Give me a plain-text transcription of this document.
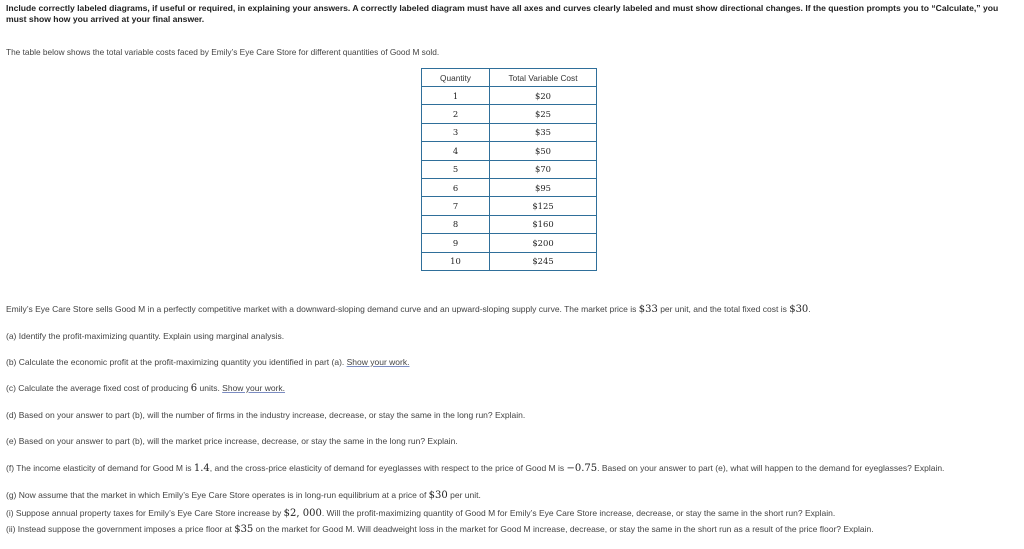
Include correctly labeled diagrams, if useful or required, in explaining your answers. A correctly labeled diagram must have all axes and curves clearly labeled and must show directional changes. If the question prompts you to “Calculate,” you must show how you arrived at your final answer.
The table below shows the total variable costs faced by Emily’s Eye Care Store for different quantities of Good M sold.
Quantity	Total Variable Cost
1	$20
2	$25
3	$35
4	$50
5	$70
6	$95
7	$125
8	$160
9	$200
10	$245
Emily’s Eye Care Store sells Good M in a perfectly competitive market with a downward-sloping demand curve and an upward-sloping supply curve. The market price is $33 per unit, and the total fixed cost is $30.
(a) Identify the profit-maximizing quantity. Explain using marginal analysis.
(b) Calculate the economic profit at the profit-maximizing quantity you identified in part (a). Show your work.
(c) Calculate the average fixed cost of producing 6 units. Show your work.
(d) Based on your answer to part (b), will the number of firms in the industry increase, decrease, or stay the same in the long run? Explain.
(e) Based on your answer to part (b), will the market price increase, decrease, or stay the same in the long run? Explain.
(f) The income elasticity of demand for Good M is 1.4, and the cross-price elasticity of demand for eyeglasses with respect to the price of Good M is −0.75. Based on your answer to part (e), what will happen to the demand for eyeglasses? Explain.
(g) Now assume that the market in which Emily’s Eye Care Store operates is in long-run equilibrium at a price of $30 per unit.
(i) Suppose annual property taxes for Emily’s Eye Care Store increase by $2, 000. Will the profit-maximizing quantity of Good M for Emily’s Eye Care Store increase, decrease, or stay the same in the short run? Explain.
(ii) Instead suppose the government imposes a price floor at $35 on the market for Good M. Will deadweight loss in the market for Good M increase, decrease, or stay the same in the short run as a result of the price floor? Explain.
